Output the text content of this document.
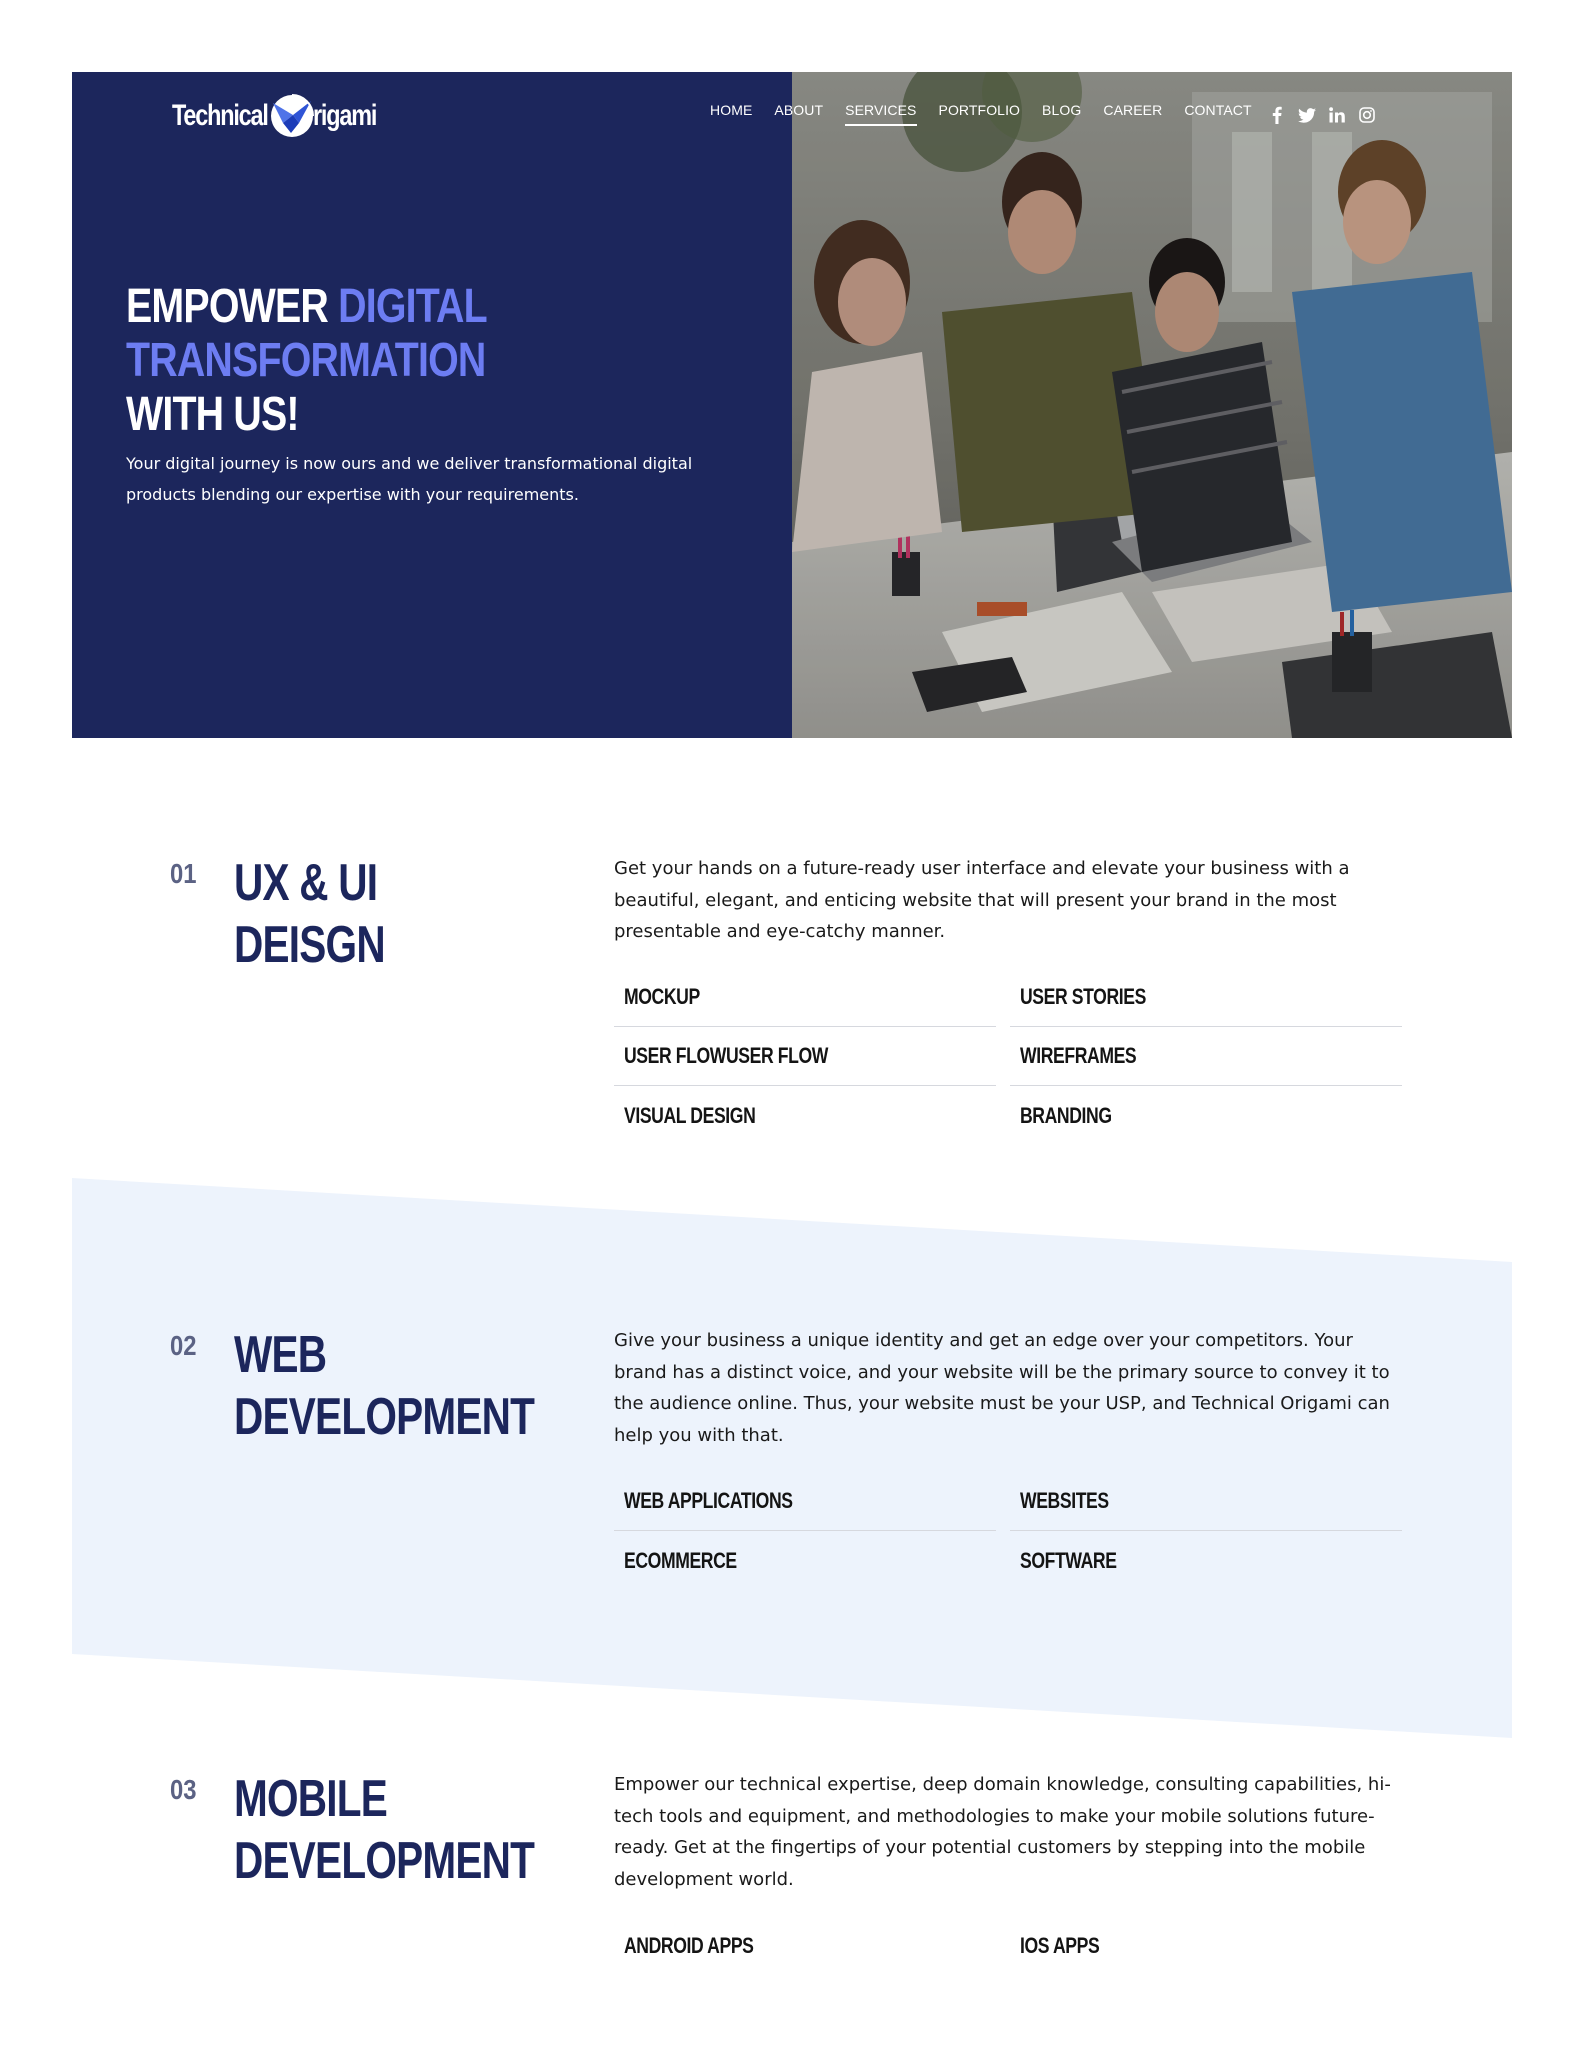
Technical rigami	HOME ABOUT SERVICES PORTFOLIO BLOG CAREER CONTACT
EMPOWER DIGITAL TRANSFORMATION
WITH US!

Your digital journey is now ours and we deliver transformational digital products blending our expertise with your requirements.

01 UX & UI DEISGN

Get your hands on a future-ready user interface and elevate your business with a beautiful, elegant, and enticing website that will present your brand in the most presentable and eye-catchy manner.

MOCKUP	USER STORIES
USER FLOWUSER FLOW	WIREFRAMES
VISUAL DESIGN	BRANDING
02 WEB DEVELOPMENT

Give your business a unique identity and get an edge over your competitors. Your brand has a distinct voice, and your website will be the primary source to convey it to the audience online. Thus, your website must be your USP, and Technical Origami can help you with that.

WEB APPLICATIONS	WEBSITES
ECOMMERCE	SOFTWARE
03 MOBILE DEVELOPMENT

Empower our technical expertise, deep domain knowledge, consulting capabilities, hi-tech tools and equipment, and methodologies to make your mobile solutions future-ready. Get at the fingertips of your potential customers by stepping into the mobile development world.

ANDROID APPS	IOS APPS
